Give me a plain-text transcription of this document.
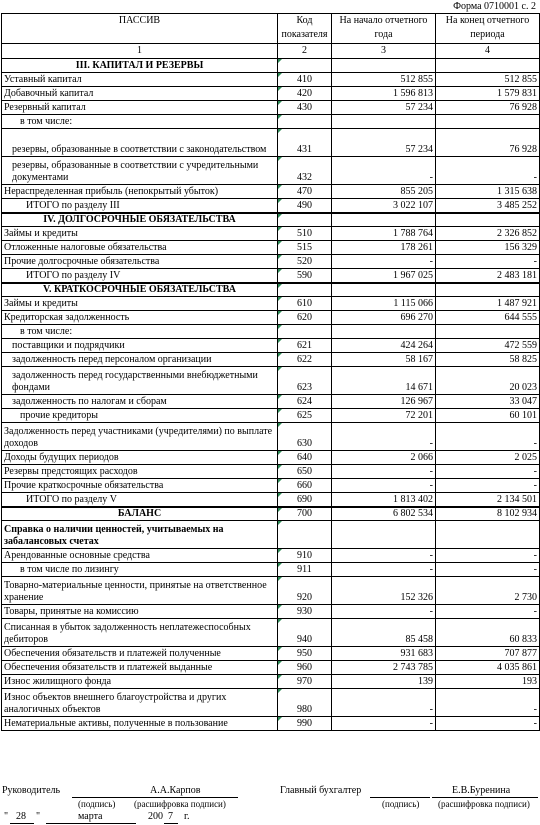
Форма 0710001 с. 2
ПАССИВ	Код показателя	На начало отчетного года	На конец отчетного периода
1	2	3	4
III. КАПИТАЛ И РЕЗЕРВЫ			
Уставный капитал	410	512 855	512 855
Добавочный капитал	420	1 596 813	1 579 831
Резервный капитал	430	57 234	76 928
в том числе:			
резервы, образованные в соответствии с законодательством	431	57 234	76 928
резервы, образованные в соответствии с учредительными документами	432	-	-
Нераспределенная прибыль (непокрытый убыток)	470	855 205	1 315 638
ИТОГО по разделу III	490	3 022 107	3 485 252
IV. ДОЛГОСРОЧНЫЕ ОБЯЗАТЕЛЬСТВА			
Займы и кредиты	510	1 788 764	2 326 852
Отложенные налоговые обязательства	515	178 261	156 329
Прочие долгосрочные обязательства	520	-	-
ИТОГО по разделу IV	590	1 967 025	2 483 181
V. КРАТКОСРОЧНЫЕ ОБЯЗАТЕЛЬСТВА			
Займы и кредиты	610	1 115 066	1 487 921
Кредиторская задолженность	620	696 270	644 555
в том числе:			
поставщики и подрядчики	621	424 264	472 559
задолженность перед персоналом организации	622	58 167	58 825
задолженность перед государственными внебюджетными фондами	623	14 671	20 023
задолженность по налогам и сборам	624	126 967	33 047
прочие кредиторы	625	72 201	60 101
Задолженность перед участниками (учредителями) по выплате доходов	630	-	-
Доходы будущих периодов	640	2 066	2 025
Резервы предстоящих расходов	650	-	-
Прочие краткосрочные обязательства	660	-	-
ИТОГО по разделу V	690	1 813 402	2 134 501
БАЛАНС	700	6 802 534	8 102 934
Справка о наличии ценностей, учитываемых на забалансовых счетах			
Арендованные основные средства	910	-	-
в том числе по лизингу	911	-	-
Товарно-материальные ценности, принятые на ответственное хранение	920	152 326	2 730
Товары, принятые на комиссию	930	-	-
Списанная в убыток задолженность неплатежеспособных дебиторов	940	85 458	60 833
Обеспечения обязательств и платежей полученные	950	931 683	707 877
Обеспечения обязательств и платежей выданные	960	2 743 785	4 035 861
Износ жилищного фонда	970	139	193
Износ объектов внешнего благоустройства и других аналогичных объектов	980	-	-
Нематериальные активы, полученные в пользование	990	-	-
Руководитель	А.А.Карпов
(подпись) (расшифровка подписи)
Главный бухгалтер	Е.В.Буренина
(подпись) (расшифровка подписи)
" 28 "	марта	200 7 г.
